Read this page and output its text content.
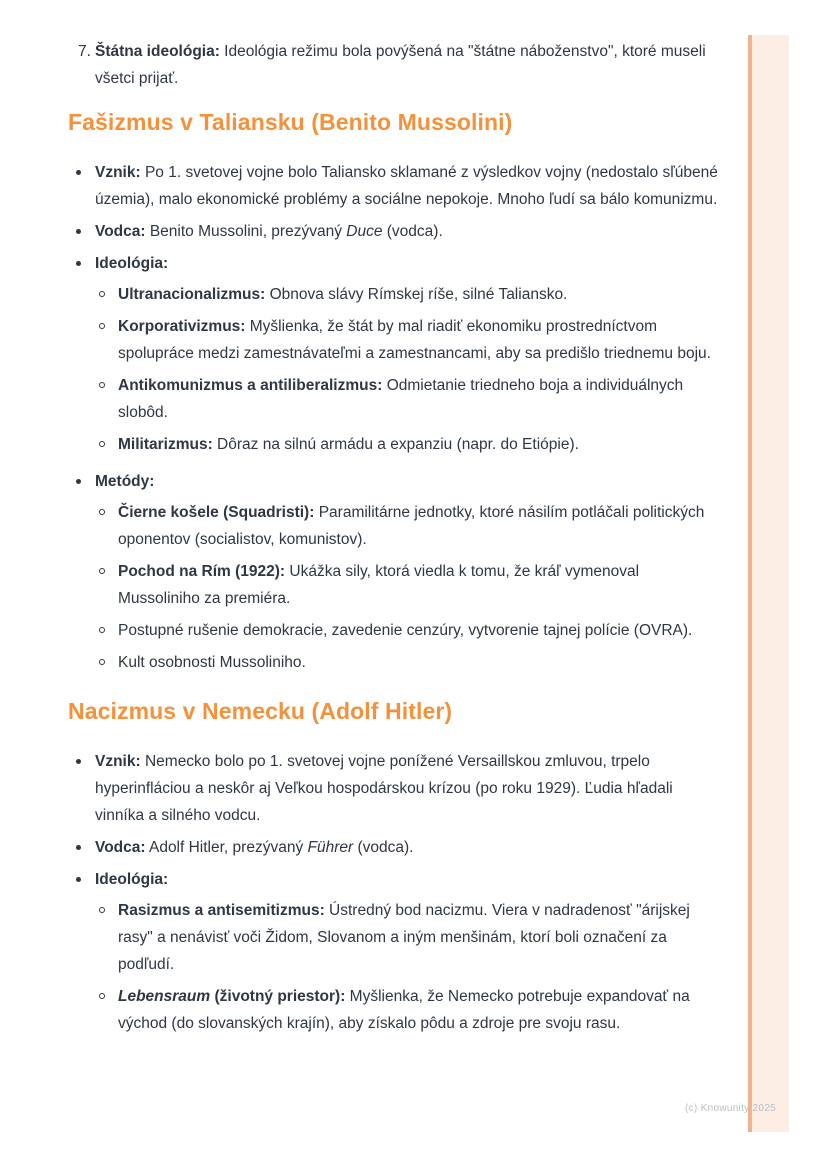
7. Štátna ideológia: Ideológia režimu bola povýšená na "štátne náboženstvo", ktoré museli všetci prijať.
Fašizmus v Taliansku (Benito Mussolini)
Vznik: Po 1. svetovej vojne bolo Taliansko sklamané z výsledkov vojny (nedostalo sľúbené územia), malo ekonomické problémy a sociálne nepokoje. Mnoho ľudí sa bálo komunizmu.
Vodca: Benito Mussolini, prezývaný Duce (vodca).
Ideológia:
Ultranacionalizmus: Obnova slávy Rímskej ríše, silné Taliansko.
Korporativizmus: Myšlienka, že štát by mal riadiť ekonomiku prostredníctvom spolupráce medzi zamestnávateľmi a zamestnancami, aby sa predišlo triednemu boju.
Antikomunizmus a antiliberalizmus: Odmietanie triedneho boja a individuálnych slobôd.
Militarizmus: Dôraz na silnú armádu a expanziu (napr. do Etiópie).
Metódy:
Čierne košele (Squadristi): Paramilitárne jednotky, ktoré násilím potláčali politických oponentov (socialistov, komunistov).
Pochod na Rím (1922): Ukážka sily, ktorá viedla k tomu, že kráľ vymenoval Mussoliniho za premiéra.
Postupné rušenie demokracie, zavedenie cenzúry, vytvorenie tajnej polície (OVRA).
Kult osobnosti Mussoliniho.
Nacizmus v Nemecku (Adolf Hitler)
Vznik: Nemecko bolo po 1. svetovej vojne ponížené Versaillskou zmluvou, trpelo hyperinfláciou a neskôr aj Veľkou hospodárskou krízou (po roku 1929). Ľudia hľadali vinníka a silného vodcu.
Vodca: Adolf Hitler, prezývaný Führer (vodca).
Ideológia:
Rasizmus a antisemitizmus: Ústredný bod nacizmu. Viera v nadradenosť "árijskej rasy" a nenávisť voči Židom, Slovanom a iným menšinám, ktorí boli označení za podľudí.
Lebensraum (životný priestor): Myšlienka, že Nemecko potrebuje expandovať na východ (do slovanských krajín), aby získalo pôdu a zdroje pre svoju rasu.
(c) Knowunity 2025
